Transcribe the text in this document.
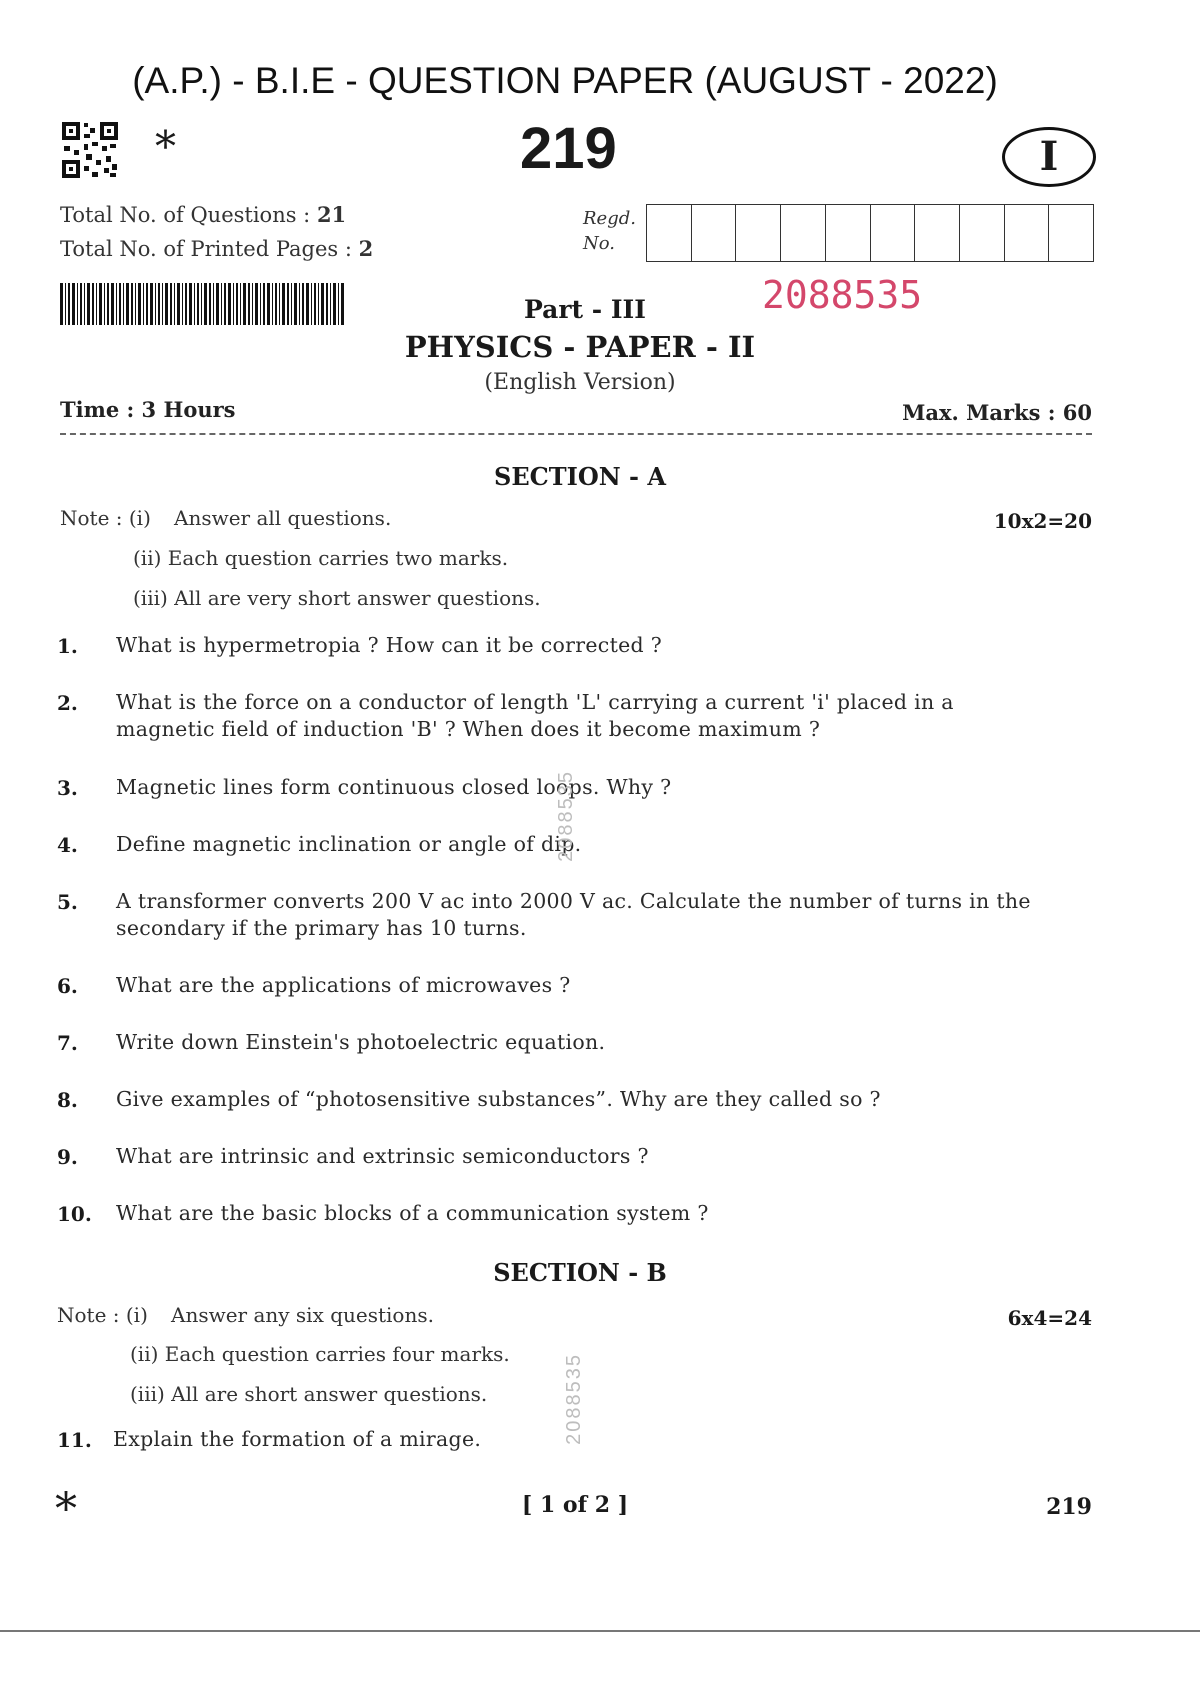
(A.P.) - B.I.E - QUESTION PAPER (AUGUST - 2022)
*	219	I
Total No. of Questions : 21
Total No. of Printed Pages : 2
Regd.
No.
Part - III	2088535
PHYSICS - PAPER - II
(English Version)
Time : 3 Hours	Max. Marks : 60
SECTION - A
Note : (i) Answer all questions.	10x2=20
(ii) Each question carries two marks.
(iii) All are very short answer questions.
1. What is hypermetropia ? How can it be corrected ?
2. What is the force on a conductor of length 'L' carrying a current 'i' placed in a magnetic field of induction 'B' ? When does it become maximum ?
3. Magnetic lines form continuous closed loops. Why ?
4. Define magnetic inclination or angle of dip.
5. A transformer converts 200 V ac into 2000 V ac. Calculate the number of turns in the secondary if the primary has 10 turns.
6. What are the applications of microwaves ?
7. Write down Einstein's photoelectric equation.
8. Give examples of “photosensitive substances”. Why are they called so ?
9. What are intrinsic and extrinsic semiconductors ?
10. What are the basic blocks of a communication system ?
SECTION - B
Note : (i) Answer any six questions.	6x4=24
(ii) Each question carries four marks.
(iii) All are short answer questions.
11. Explain the formation of a mirage.
2088535
2088535
*	[ 1 of 2 ]	219
